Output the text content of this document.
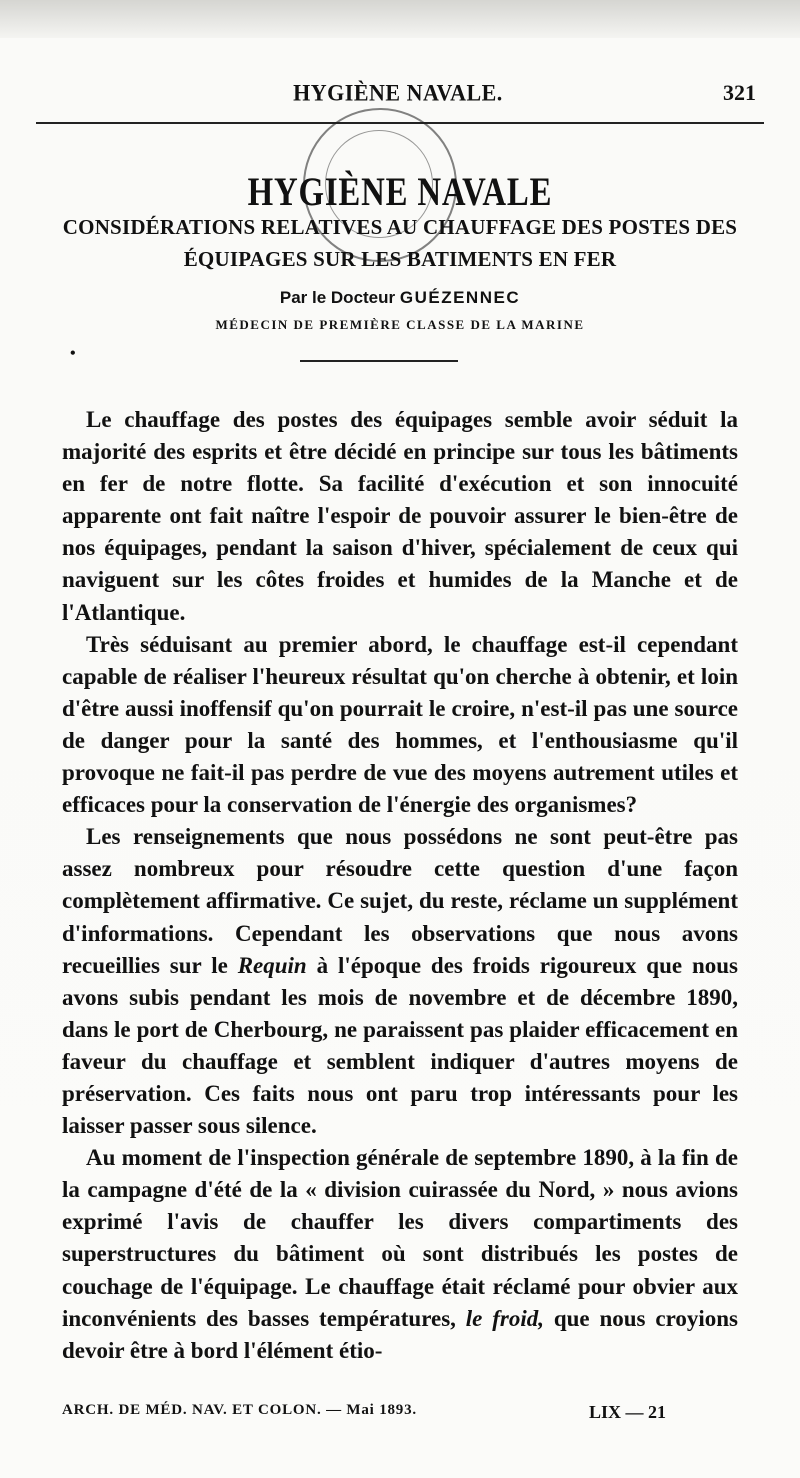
HYGIÈNE NAVALE.	321
HYGIÈNE NAVALE
CONSIDÉRATIONS RELATIVES AU CHAUFFAGE DES POSTES DES
ÉQUIPAGES SUR LES BATIMENTS EN FER
Par le Docteur GUÉZENNEC
MÉDECIN DE PREMIÈRE CLASSE DE LA MARINE
•

Le chauffage des postes des équipages semble avoir séduit la majorité des esprits et être décidé en principe sur tous les bâtiments en fer de notre flotte. Sa facilité d'exécution et son innocuité apparente ont fait naître l'espoir de pouvoir assurer le bien-être de nos équipages, pendant la saison d'hiver, spécialement de ceux qui naviguent sur les côtes froides et humides de la Manche et de l'Atlantique.

Très séduisant au premier abord, le chauffage est-il cependant capable de réaliser l'heureux résultat qu'on cherche à obtenir, et loin d'être aussi inoffensif qu'on pourrait le croire, n'est-il pas une source de danger pour la santé des hommes, et l'enthousiasme qu'il provoque ne fait-il pas perdre de vue des moyens autrement utiles et efficaces pour la conservation de l'énergie des organismes?

Les renseignements que nous possédons ne sont peut-être pas assez nombreux pour résoudre cette question d'une façon complètement affirmative. Ce sujet, du reste, réclame un supplément d'informations. Cependant les observations que nous avons recueillies sur le Requin à l'époque des froids rigoureux que nous avons subis pendant les mois de novembre et de décembre 1890, dans le port de Cherbourg, ne paraissent pas plaider efficacement en faveur du chauffage et semblent indiquer d'autres moyens de préservation. Ces faits nous ont paru trop intéressants pour les laisser passer sous silence.

Au moment de l'inspection générale de septembre 1890, à la fin de la campagne d'été de la « division cuirassée du Nord, » nous avions exprimé l'avis de chauffer les divers compartiments des superstructures du bâtiment où sont distribués les postes de couchage de l'équipage. Le chauffage était réclamé pour obvier aux inconvénients des basses températures, le froid, que nous croyions devoir être à bord l'élément étio-

ARCH. DE MÉD. NAV. ET COLON. — Mai 1893.	LIX — 21
